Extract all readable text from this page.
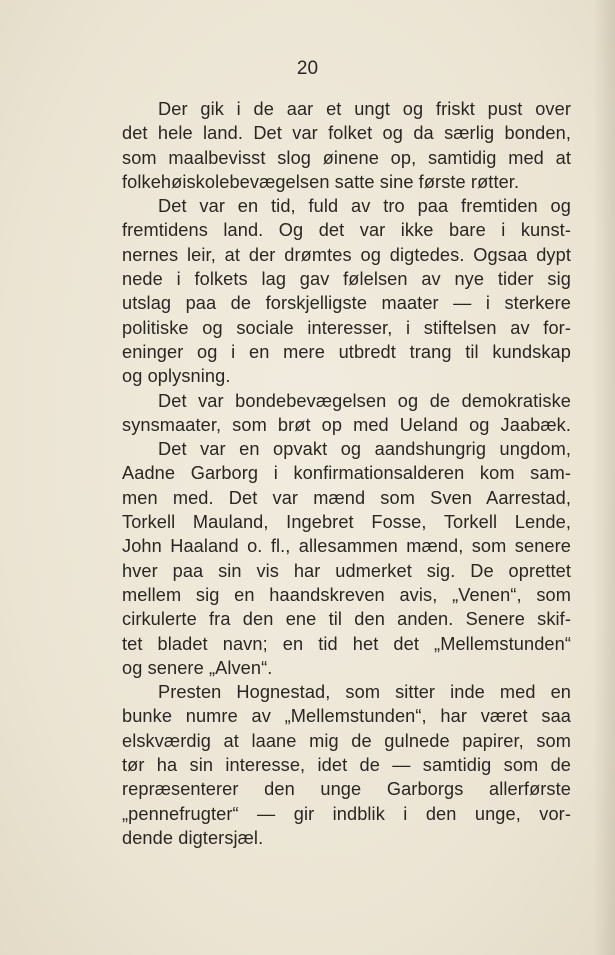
20
Der gik i de aar et ungt og friskt pust over
det hele land. Det var folket og da særlig bonden,
som maalbevisst slog øinene op, samtidig med at
folkehøiskolebevægelsen satte sine første røtter.
Det var en tid, fuld av tro paa fremtiden og
fremtidens land. Og det var ikke bare i kunst-
nernes leir, at der drømtes og digtedes. Ogsaa dypt
nede i folkets lag gav følelsen av nye tider sig
utslag paa de forskjelligste maater — i sterkere
politiske og sociale interesser, i stiftelsen av for-
eninger og i en mere utbredt trang til kundskap
og oplysning.
Det var bondebevægelsen og de demokratiske
synsmaater, som brøt op med Ueland og Jaabæk.
Det var en opvakt og aandshungrig ungdom,
Aadne Garborg i konfirmationsalderen kom sam-
men med. Det var mænd som Sven Aarrestad,
Torkell Mauland, Ingebret Fosse, Torkell Lende,
John Haaland o. fl., allesammen mænd, som senere
hver paa sin vis har udmerket sig. De oprettet
mellem sig en haandskreven avis, „Venen“, som
cirkulerte fra den ene til den anden. Senere skif-
tet bladet navn; en tid het det „Mellemstunden“
og senere „Alven“.
Presten Hognestad, som sitter inde med en
bunke numre av „Mellemstunden“, har været saa
elskværdig at laane mig de gulnede papirer, som
tør ha sin interesse, idet de — samtidig som de
repræsenterer den unge Garborgs allerførste
„pennefrugter“ — gir indblik i den unge, vor-
dende digtersjæl.
